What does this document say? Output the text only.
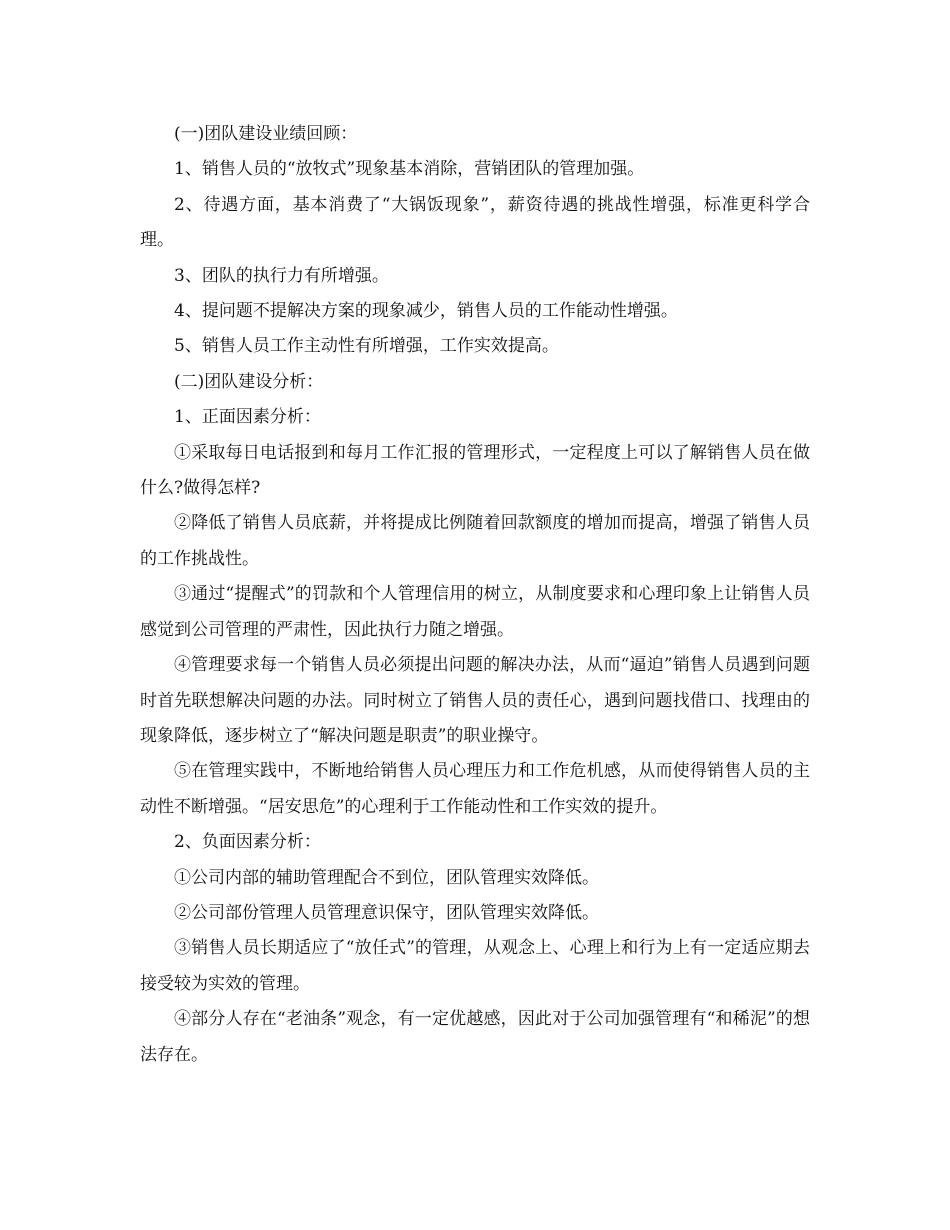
(一)团队建设业绩回顾：

1、销售人员的“放牧式”现象基本消除，营销团队的管理加强。

2、待遇方面，基本消费了“大锅饭现象”，薪资待遇的挑战性增强，标准更科学合理。

3、团队的执行力有所增强。

4、提问题不提解决方案的现象减少，销售人员的工作能动性增强。

5、销售人员工作主动性有所增强，工作实效提高。

(二)团队建设分析：

1、正面因素分析：

①采取每日电话报到和每月工作汇报的管理形式，一定程度上可以了解销售人员在做什么?做得怎样?

②降低了销售人员底薪，并将提成比例随着回款额度的增加而提高，增强了销售人员的工作挑战性。

③通过“提醒式”的罚款和个人管理信用的树立，从制度要求和心理印象上让销售人员感觉到公司管理的严肃性，因此执行力随之增强。

④管理要求每一个销售人员必须提出问题的解决办法，从而“逼迫”销售人员遇到问题时首先联想解决问题的办法。同时树立了销售人员的责任心，遇到问题找借口、找理由的现象降低，逐步树立了“解决问题是职责”的职业操守。

⑤在管理实践中，不断地给销售人员心理压力和工作危机感，从而使得销售人员的主动性不断增强。“居安思危”的心理利于工作能动性和工作实效的提升。

2、负面因素分析：

①公司内部的辅助管理配合不到位，团队管理实效降低。

②公司部份管理人员管理意识保守，团队管理实效降低。

③销售人员长期适应了“放任式”的管理，从观念上、心理上和行为上有一定适应期去接受较为实效的管理。

④部分人存在“老油条”观念，有一定优越感，因此对于公司加强管理有“和稀泥”的想法存在。
